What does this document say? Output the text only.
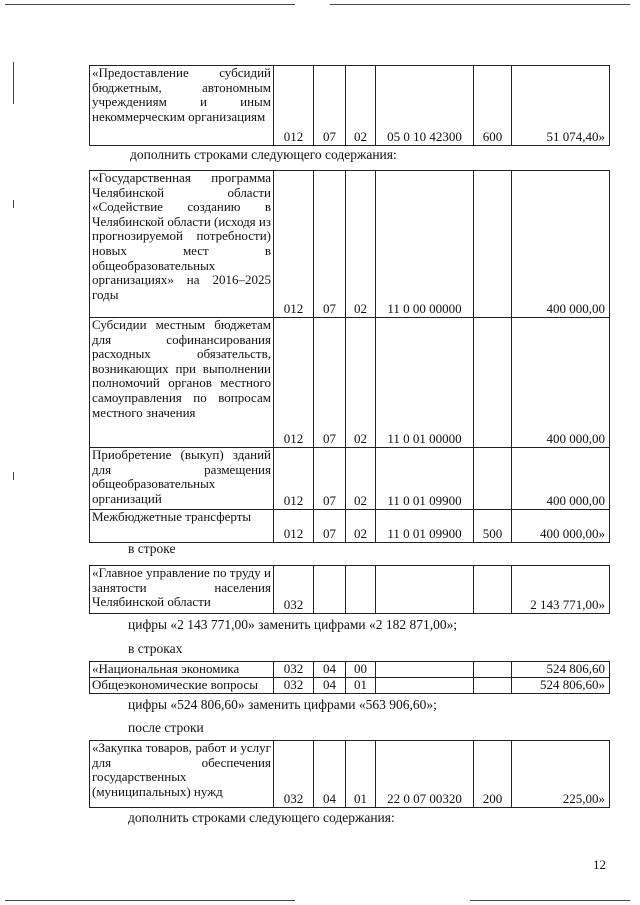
«Предоставление субсидий бюджетным, автономным учреждениям и иным некоммерческим организациям	012	07	02	05 0 10 42300	600	51 074,40»
дополнить строками следующего содержания:
«Государственная программа Челябинской области «Содействие созданию в Челябинской области (исходя из прогнозируемой потребности) новых мест в общеобразовательных организациях» на 2016–2025 годы	012	07	02	11 0 00 00000		400 000,00
Субсидии местным бюджетам для софинансирования расходных обязательств, возникающих при выполнении полномочий органов местного самоуправления по вопросам местного значения	012	07	02	11 0 01 00000		400 000,00
Приобретение (выкуп) зданий для размещения общеобразовательных организаций	012	07	02	11 0 01 09900		400 000,00
Межбюджетные трансферты	012	07	02	11 0 01 09900	500	400 000,00»
в строке
«Главное управление по труду и занятости населения Челябинской области	032					2 143 771,00»
цифры «2 143 771,00» заменить цифрами «2 182 871,00»;
в строках
«Национальная экономика	032	04	00			524 806,60
Общеэкономические вопросы	032	04	01			524 806,60»
цифры «524 806,60» заменить цифрами «563 906,60»;
после строки
«Закупка товаров, работ и услуг для обеспечения государственных (муниципальных) нужд	032	04	01	22 0 07 00320	200	225,00»
дополнить строками следующего содержания:
12
